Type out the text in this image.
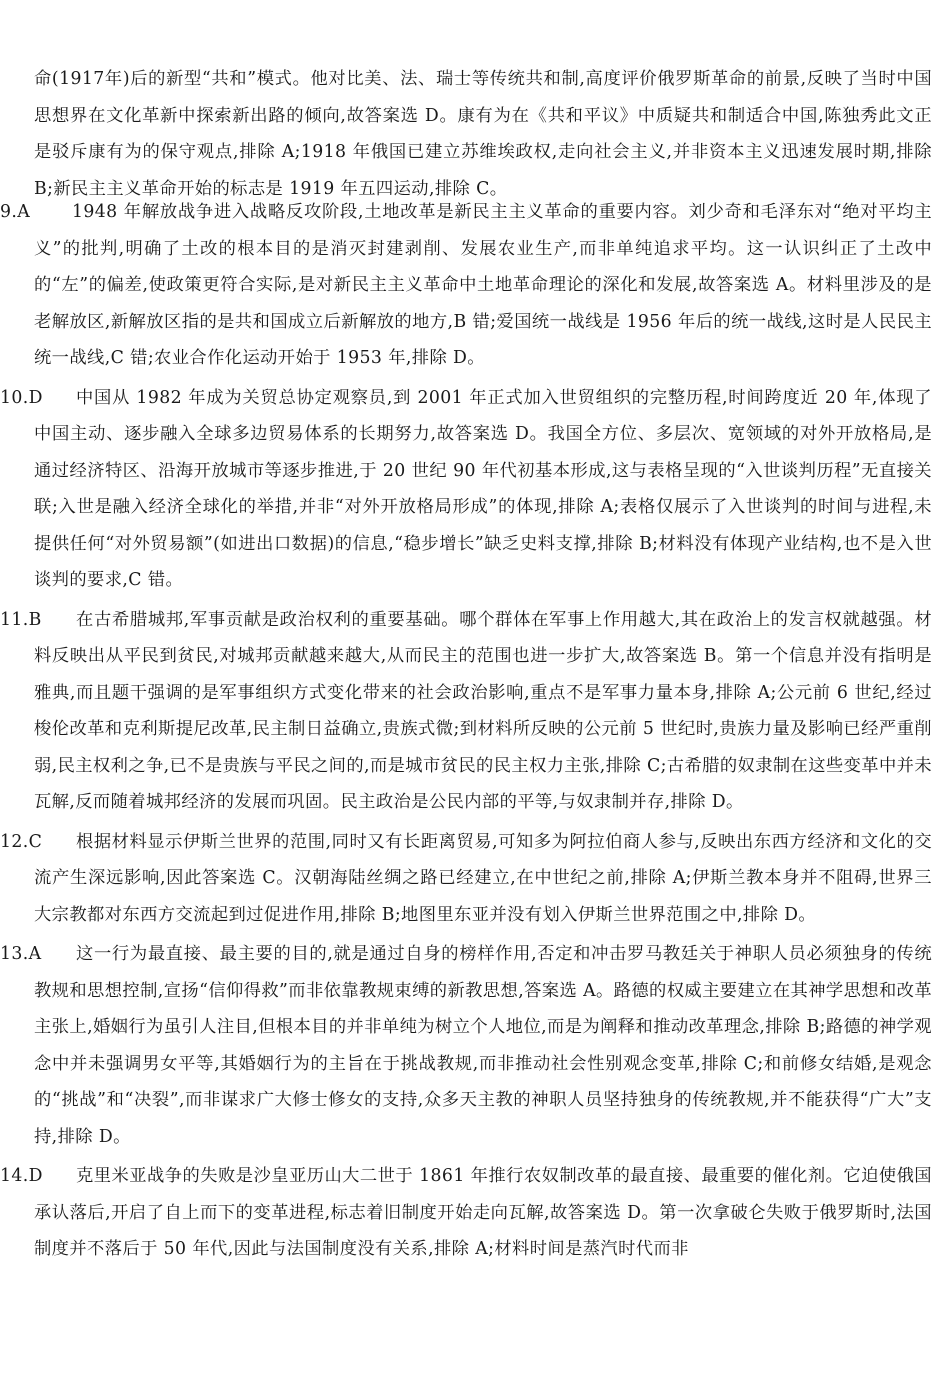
命(1917年)后的新型“共和”模式。他对比美、法、瑞士等传统共和制,高度评价俄罗斯革命的前景,反映了当时中国思想界在文化革新中探索新出路的倾向,故答案选 D。康有为在《共和平议》中质疑共和制适合中国,陈独秀此文正是驳斥康有为的保守观点,排除 A;1918 年俄国已建立苏维埃政权,走向社会主义,并非资本主义迅速发展时期,排除 B;新民主主义革命开始的标志是 1919 年五四运动,排除 C。

9.A	1948 年解放战争进入战略反攻阶段,土地改革是新民主主义革命的重要内容。刘少奇和毛泽东对“绝对平均主义”的批判,明确了土改的根本目的是消灭封建剥削、发展农业生产,而非单纯追求平均。这一认识纠正了土改中的“左”的偏差,使政策更符合实际,是对新民主主义革命中土地革命理论的深化和发展,故答案选 A。材料里涉及的是老解放区,新解放区指的是共和国成立后新解放的地方,B 错;爱国统一战线是 1956 年后的统一战线,这时是人民民主统一战线,C 错;农业合作化运动开始于 1953 年,排除 D。
10.D	中国从 1982 年成为关贸总协定观察员,到 2001 年正式加入世贸组织的完整历程,时间跨度近 20 年,体现了中国主动、逐步融入全球多边贸易体系的长期努力,故答案选 D。我国全方位、多层次、宽领域的对外开放格局,是通过经济特区、沿海开放城市等逐步推进,于 20 世纪 90 年代初基本形成,这与表格呈现的“入世谈判历程”无直接关联;入世是融入经济全球化的举措,并非“对外开放格局形成”的体现,排除 A;表格仅展示了入世谈判的时间与进程,未提供任何“对外贸易额”(如进出口数据)的信息,“稳步增长”缺乏史料支撑,排除 B;材料没有体现产业结构,也不是入世谈判的要求,C 错。
11.B	在古希腊城邦,军事贡献是政治权利的重要基础。哪个群体在军事上作用越大,其在政治上的发言权就越强。材料反映出从平民到贫民,对城邦贡献越来越大,从而民主的范围也进一步扩大,故答案选 B。第一个信息并没有指明是雅典,而且题干强调的是军事组织方式变化带来的社会政治影响,重点不是军事力量本身,排除 A;公元前 6 世纪,经过梭伦改革和克利斯提尼改革,民主制日益确立,贵族式微;到材料所反映的公元前 5 世纪时,贵族力量及影响已经严重削弱,民主权利之争,已不是贵族与平民之间的,而是城市贫民的民主权力主张,排除 C;古希腊的奴隶制在这些变革中并未瓦解,反而随着城邦经济的发展而巩固。民主政治是公民内部的平等,与奴隶制并存,排除 D。
12.C	根据材料显示伊斯兰世界的范围,同时又有长距离贸易,可知多为阿拉伯商人参与,反映出东西方经济和文化的交流产生深远影响,因此答案选 C。汉朝海陆丝绸之路已经建立,在中世纪之前,排除 A;伊斯兰教本身并不阻碍,世界三大宗教都对东西方交流起到过促进作用,排除 B;地图里东亚并没有划入伊斯兰世界范围之中,排除 D。
13.A	这一行为最直接、最主要的目的,就是通过自身的榜样作用,否定和冲击罗马教廷关于神职人员必须独身的传统教规和思想控制,宣扬“信仰得救”而非依靠教规束缚的新教思想,答案选 A。路德的权威主要建立在其神学思想和改革主张上,婚姻行为虽引人注目,但根本目的并非单纯为树立个人地位,而是为阐释和推动改革理念,排除 B;路德的神学观念中并未强调男女平等,其婚姻行为的主旨在于挑战教规,而非推动社会性别观念变革,排除 C;和前修女结婚,是观念的“挑战”和“决裂”,而非谋求广大修士修女的支持,众多天主教的神职人员坚持独身的传统教规,并不能获得“广大”支持,排除 D。
14.D	克里米亚战争的失败是沙皇亚历山大二世于 1861 年推行农奴制改革的最直接、最重要的催化剂。它迫使俄国承认落后,开启了自上而下的变革进程,标志着旧制度开始走向瓦解,故答案选 D。第一次拿破仑失败于俄罗斯时,法国制度并不落后于 50 年代,因此与法国制度没有关系,排除 A;材料时间是蒸汽时代而非
